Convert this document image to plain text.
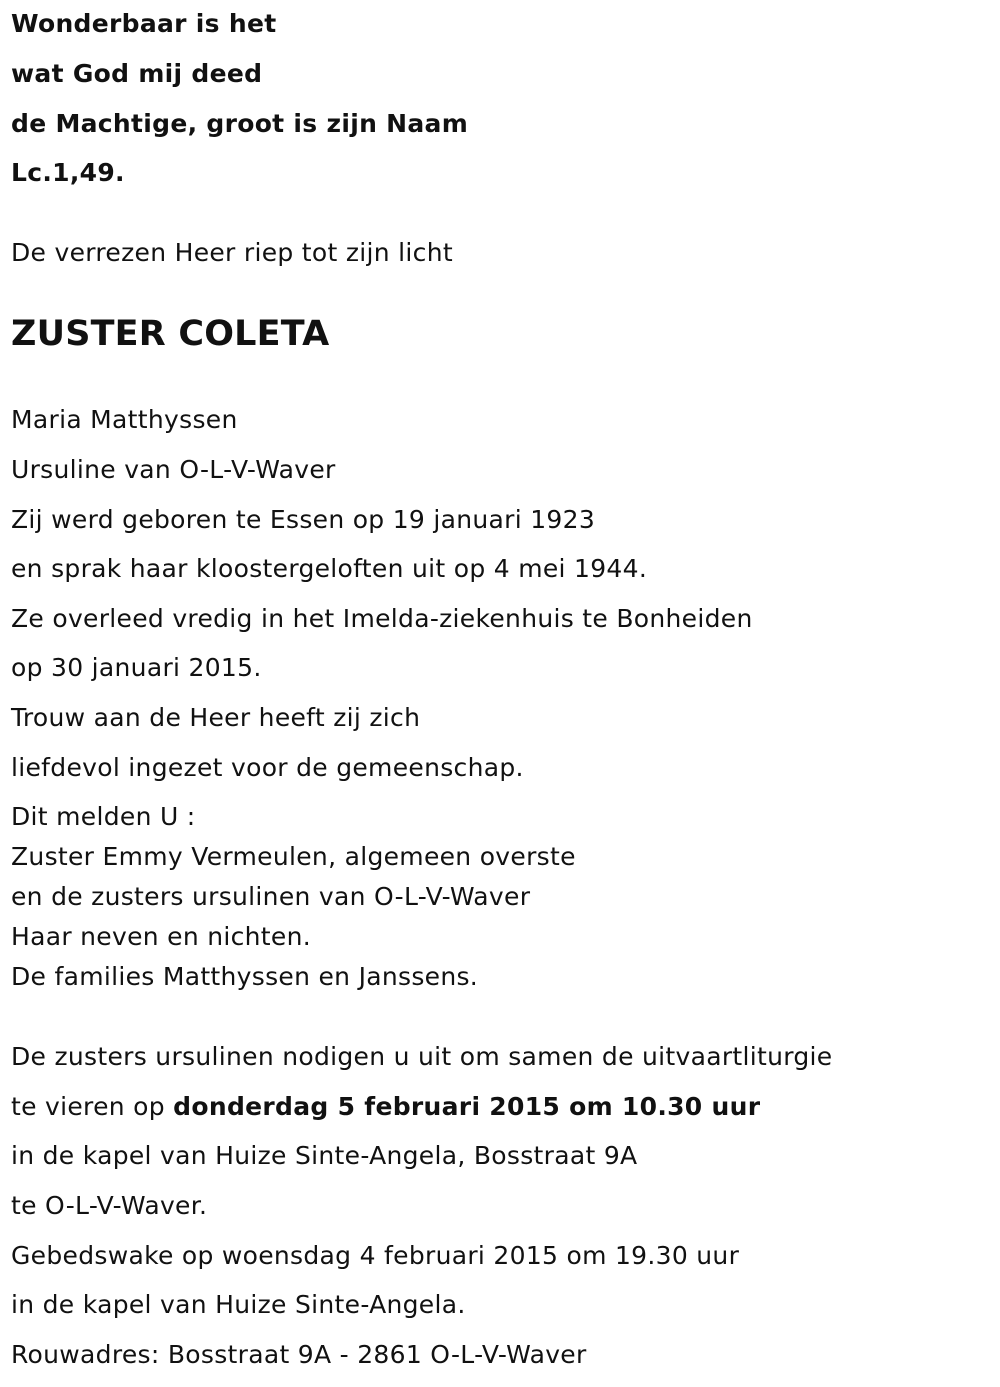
Wonderbaar is het
wat God mij deed
de Machtige, groot is zijn Naam
Lc.1,49.
De verrezen Heer riep tot zijn licht
ZUSTER COLETA
Maria Matthyssen
Ursuline van O-L-V-Waver
Zij werd geboren te Essen op 19 januari 1923
en sprak haar kloostergeloften uit op 4 mei 1944.
Ze overleed vredig in het Imelda-ziekenhuis te Bonheiden
op 30 januari 2015.
Trouw aan de Heer heeft zij zich
liefdevol ingezet voor de gemeenschap.
Dit melden U :
Zuster Emmy Vermeulen, algemeen overste
en de zusters ursulinen van O-L-V-Waver
Haar neven en nichten.
De families Matthyssen en Janssens.
De zusters ursulinen nodigen u uit om samen de uitvaartliturgie
te vieren op donderdag 5 februari 2015 om 10.30 uur
in de kapel van Huize Sinte-Angela, Bosstraat 9A
te O-L-V-Waver.
Gebedswake op woensdag 4 februari 2015 om 19.30 uur
in de kapel van Huize Sinte-Angela.
Rouwadres: Bosstraat 9A - 2861 O-L-V-Waver
